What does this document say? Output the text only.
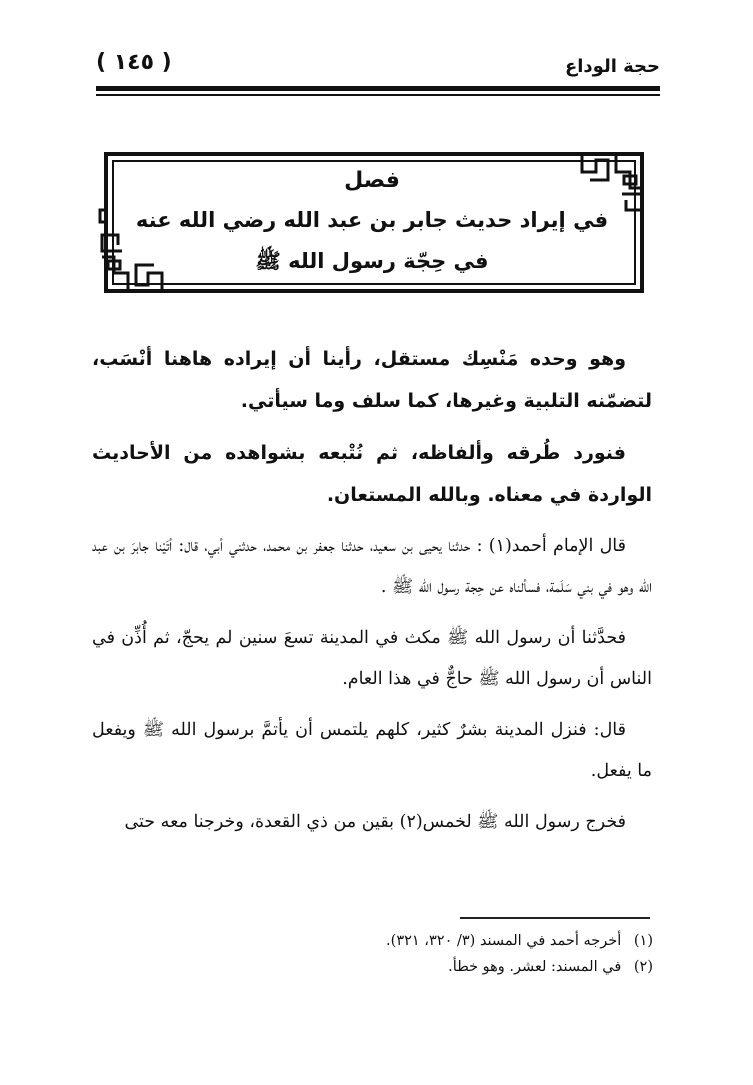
حجة الوداع
( ١٤٥ )
فصل
في إيراد حديث جابر بن عبد الله رضي الله عنه
في حِجّة رسول الله ﷺ

وهو وحده مَنْسِك مستقل، رأينا أن إيراده هاهنا أنْسَب، لتضمّنه التلبية وغيرها، كما سلف وما سيأتي.

فنورد طُرقه وألفاظه، ثم نُتْبعه بشواهده من الأحاديث الواردة في معناه. وبالله المستعان.

قال الإمام أحمد(١) : حدثنا يحيى بن سعيد، حدثنا جعفر بن محمد، حدثني أبي، قال: أتَيْنا جابرَ بن عبد الله وهو في بني سَلَمة، فسألناه عن حِجة رسول الله ﷺ .

فحدَّثنا أن رسول الله ﷺ مكث في المدينة تسعَ سنين لم يحجّ، ثم أُذِّن في الناس أن رسول الله ﷺ حاجٌّ في هذا العام.

قال: فنزل المدينة بشرٌ كثير، كلهم يلتمس أن يأتمَّ برسول الله ﷺ ويفعل ما يفعل.

فخرج رسول الله ﷺ لخمس(٢) بقين من ذي القعدة، وخرجنا معه حتى

(١) أخرجه أحمد في المسند (٣/ ٣٢٠، ٣٢١).
(٢) في المسند: لعشر. وهو خطأ.
